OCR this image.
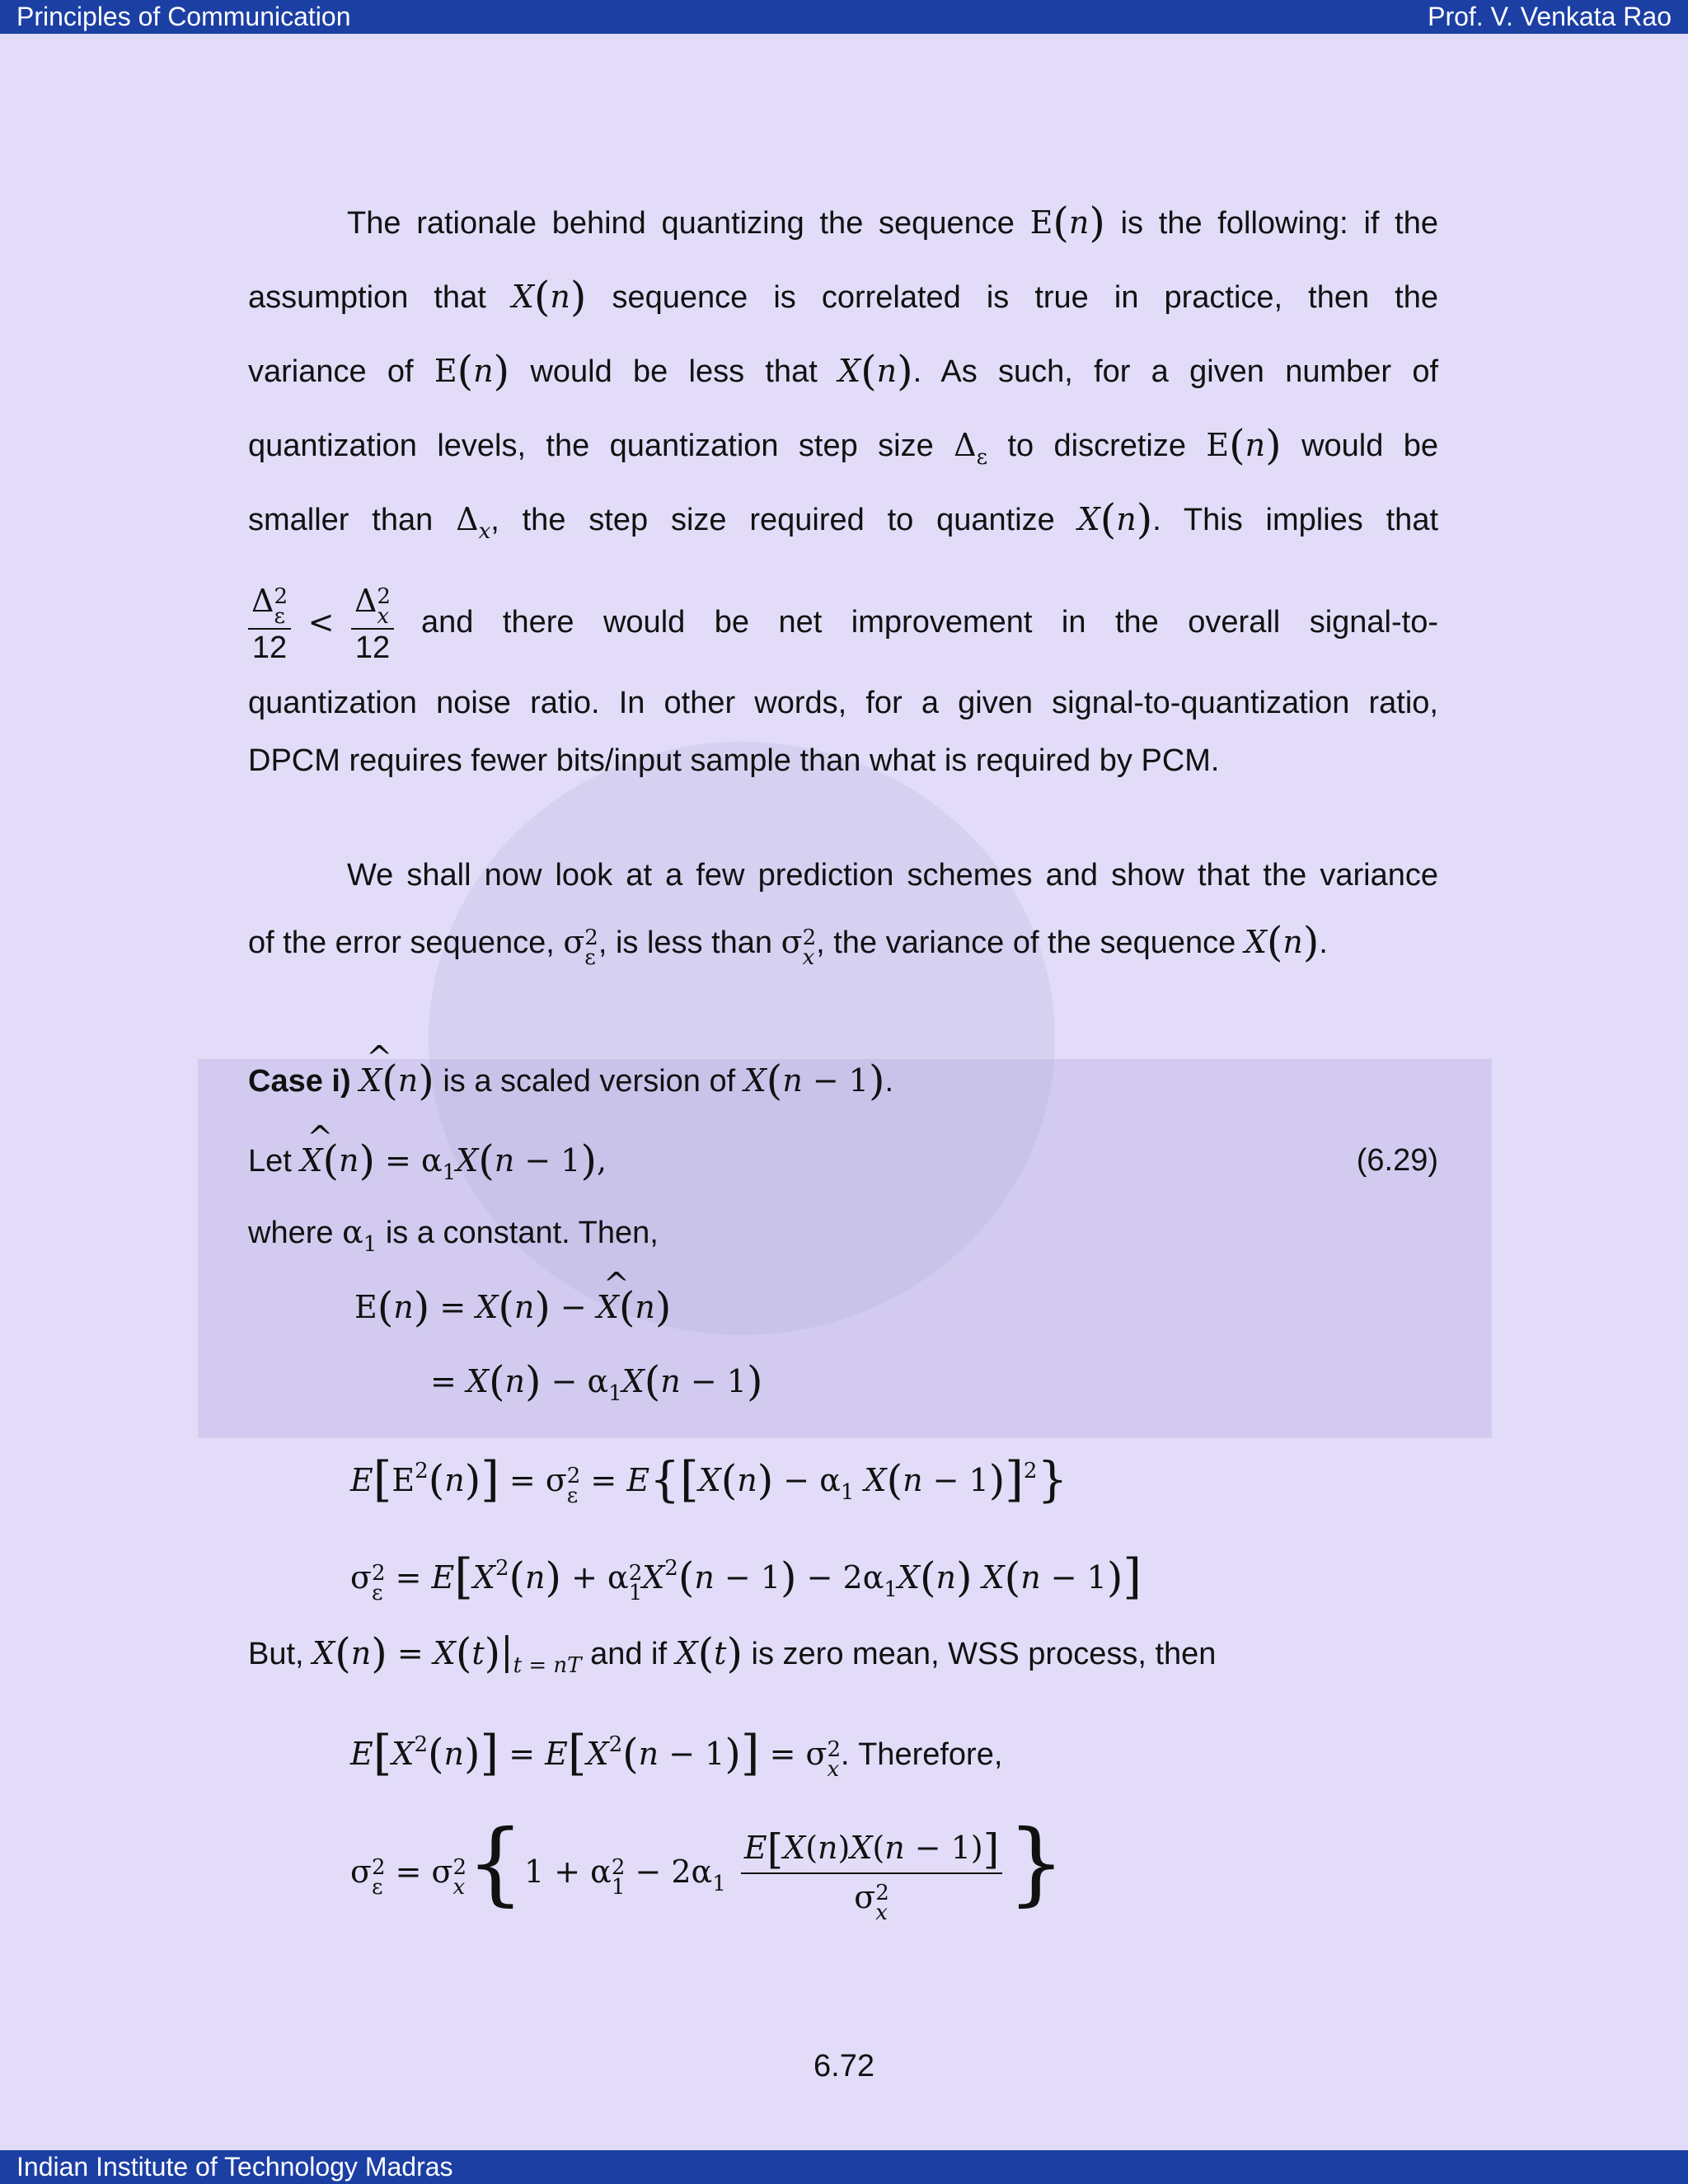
Principles of Communication	Prof. V. Venkata Rao
The rationale behind quantizing the sequence E(n) is the following: if the
assumption that X(n) sequence is correlated is true in practice, then the
variance of E(n) would be less that X(n). As such, for a given number of
quantization levels, the quantization step size $\Delta_\varepsilon$ to discretize E(n) would be
smaller than $\Delta_x$, the step size required to quantize X(n). This implies that
Δ2
ε
12
<
Δ2
x
12
and there would be net improvement in the overall signal-to-
quantization noise ratio. In other words, for a given signal-to-quantization ratio,
DPCM requires fewer bits/input sample than what is required by PCM.
We shall now look at a few prediction schemes and show that the variance
of the error sequence, σ2
ε, is less than σ2
x, the variance of the sequence X(n).
Case i) ^ X(n) is a scaled version of X(n − 1).
Let ^ $X(n) = \alpha_1X(n - 1)$,	(6.29)
where $\alpha_1$ is a constant. Then,
E(n) = X(n) − ^ X(n)
= $X(n) - \alpha_1X(n - 1)$
$E[E^2(n)] = \sigma 2$
$\varepsilon = E\{[X(n) - \alpha_1$ X(n − 1)]$^2$}
σ2
$\varepsilon = E[X^2(n) + \alpha 2$
$1X^2(n - 1) - 2\alpha_1X(n) X(n - 1)$]
But, $X(n) = X(t)|_{t = nT}$ and if X(t) is zero mean, WSS process, then
$E[X^2(n)] = E[X^2(n - 1)] = \sigma 2$
x. Therefore,
σ2
ε = σ2
x{1 + α2
$1 - 2\alpha_1$
E[X(n)X(n − 1)]
σ2
x	}
6.72
Indian Institute of Technology Madras
